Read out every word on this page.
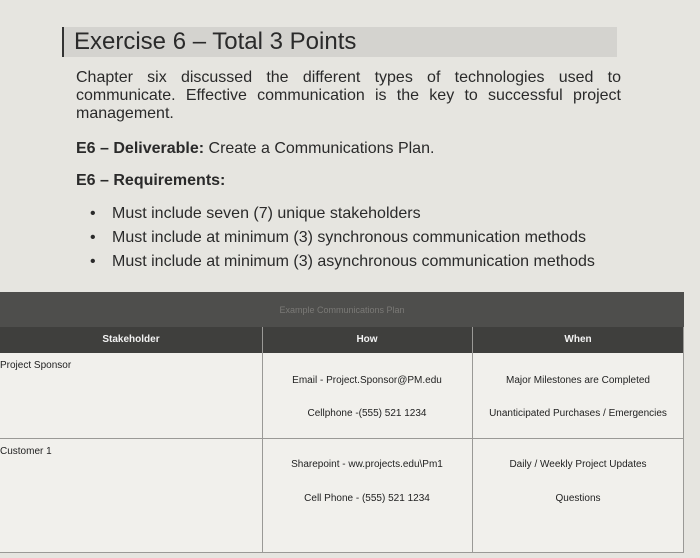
Exercise 6 – Total 3 Points
Chapter six discussed the different types of technologies used to communicate. Effective communication is the key to successful project management.
E6 – Deliverable: Create a Communications Plan.
E6 – Requirements:
• Must include seven (7) unique stakeholders
• Must include at minimum (3) synchronous communication methods
• Must include at minimum (3) asynchronous communication methods
Example Communications Plan
Stakeholder	How	When
Project Sponsor
Email - Project.Sponsor@PM.edu	Major Milestones are Completed
Cellphone -(555) 521 1234	Unanticipated Purchases / Emergencies
Customer 1
Sharepoint - ww.projects.edu\Pm1	Daily / Weekly Project Updates
Cell Phone - (555) 521 1234	Questions
